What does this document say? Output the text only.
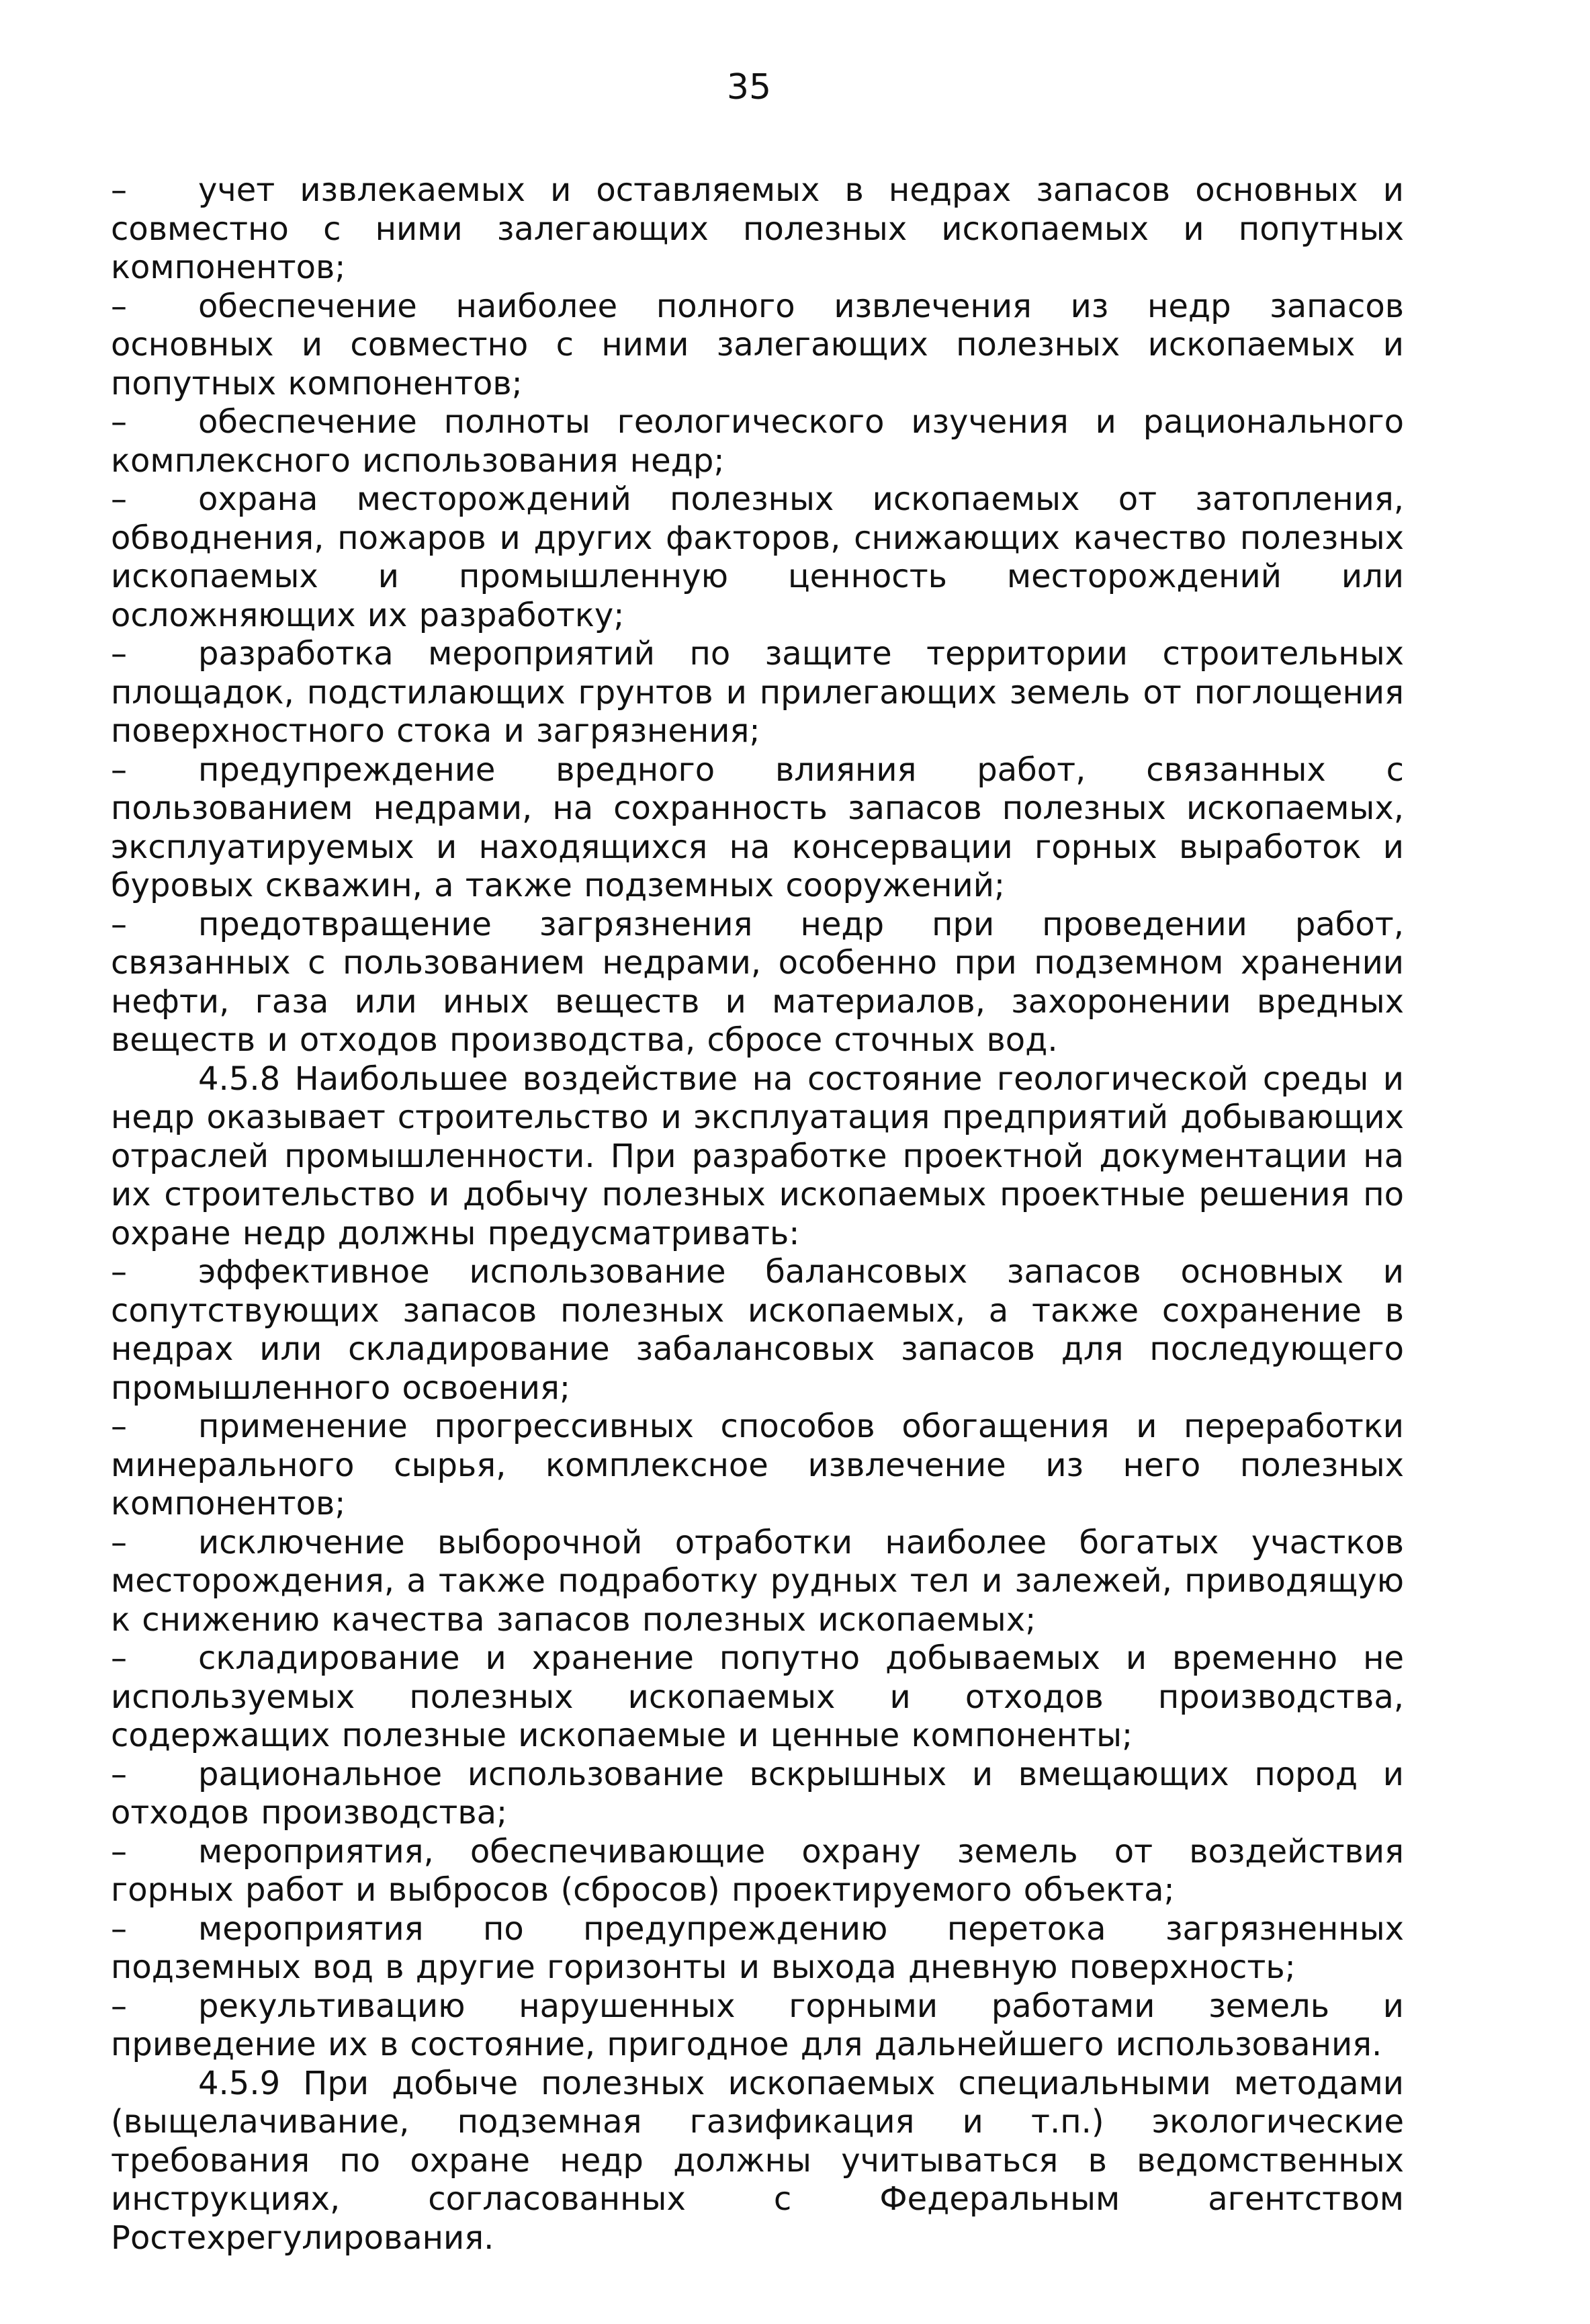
35

– учет извлекаемых и оставляемых в недрах запасов основных и совместно с ними залегающих полезных ископаемых и попутных компонентов;

– обеспечение наиболее полного извлечения из недр запасов основных и совместно с ними залегающих полезных ископаемых и попутных компонентов;

– обеспечение полноты геологического изучения и рационального комплексного использования недр;

– охрана месторождений полезных ископаемых от затопления, обводнения, пожаров и других факторов, снижающих качество полезных ископаемых и промышленную ценность месторождений или осложняющих их разработку;

– разработка мероприятий по защите территории строительных площадок, подстилающих грунтов и прилегающих земель от поглощения поверхностного стока и загрязнения;

– предупреждение вредного влияния работ, связанных с пользованием недрами, на сохранность запасов полезных ископаемых, эксплуатируемых и находящихся на консервации горных выработок и буровых скважин, а также подземных сооружений;

– предотвращение загрязнения недр при проведении работ, связанных с пользованием недрами, особенно при подземном хранении нефти, газа или иных веществ и материалов, захоронении вредных веществ и отходов производства, сбросе сточных вод.

4.5.8 Наибольшее воздействие на состояние геологической среды и недр оказывает строительство и эксплуатация предприятий добывающих отраслей промышленности. При разработке проектной документации на их строительство и добычу полезных ископаемых проектные решения по охране недр должны предусматривать:

– эффективное использование балансовых запасов основных и сопутствующих запасов полезных ископаемых, а также сохранение в недрах или складирование забалансовых запасов для последующего промышленного освоения;

– применение прогрессивных способов обогащения и переработки минерального сырья, комплексное извлечение из него полезных компонентов;

– исключение выборочной отработки наиболее богатых участков месторождения, а также подработку рудных тел и залежей, приводящую к снижению качества запасов полезных ископаемых;

– складирование и хранение попутно добываемых и временно не используемых полезных ископаемых и отходов производства, содержащих полезные ископаемые и ценные компоненты;

– рациональное использование вскрышных и вмещающих пород и отходов производства;

– мероприятия, обеспечивающие охрану земель от воздействия горных работ и выбросов (сбросов) проектируемого объекта;

– мероприятия по предупреждению перетока загрязненных подземных вод в другие горизонты и выхода дневную поверхность;

– рекультивацию нарушенных горными работами земель и приведение их в состояние, пригодное для дальнейшего использования.

4.5.9 При добыче полезных ископаемых специальными методами (выщелачивание, подземная газификация и т.п.) экологические требования по охране недр должны учитываться в ведомственных инструкциях, согласованных с Федеральным агентством Ростехрегулирования.
